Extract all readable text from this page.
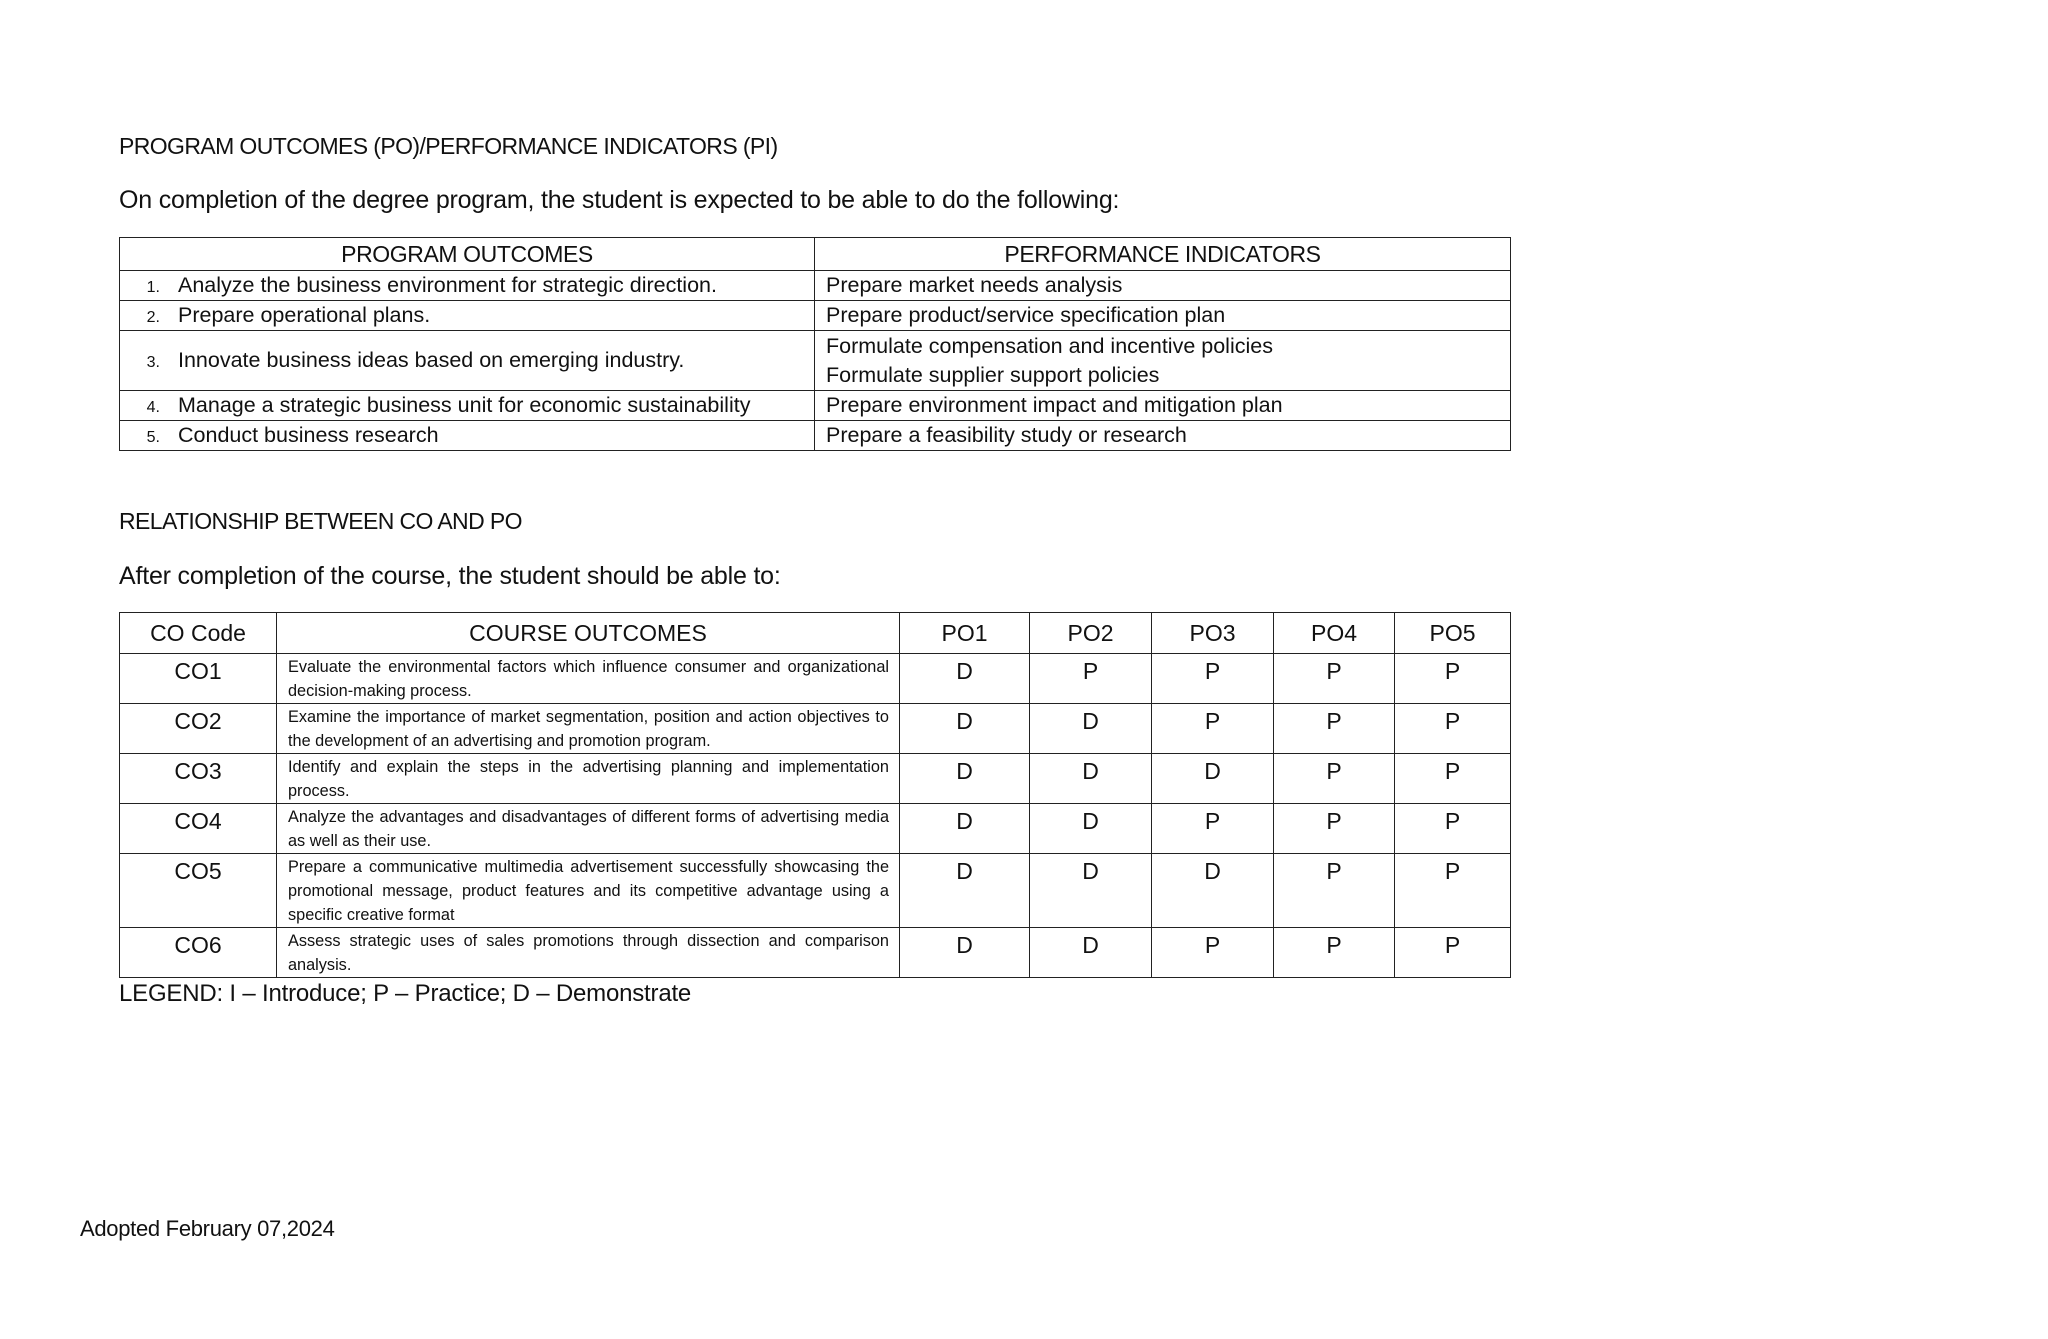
PROGRAM OUTCOMES (PO)/PERFORMANCE INDICATORS (PI)
On completion of the degree program, the student is expected to be able to do the following:
PROGRAM OUTCOMES	PERFORMANCE INDICATORS
1. Analyze the business environment for strategic direction.	Prepare market needs analysis

2. Prepare operational plans.	Prepare product/service specification plan

3. Innovate business ideas based on emerging industry.	Formulate compensation and incentive policies
Formulate supplier support policies

4. Manage a strategic business unit for economic sustainability	Prepare environment impact and mitigation plan

5. Conduct business research	Prepare a feasibility study or research
RELATIONSHIP BETWEEN CO AND PO
After completion of the course, the student should be able to:
CO Code	COURSE OUTCOMES	PO1	PO2	PO3	PO4	PO5
CO1	Evaluate the environmental factors which influence consumer and organizational decision-making process.	D	P	P	P	P
CO2	Examine the importance of market segmentation, position and action objectives to the development of an advertising and promotion program.	D	D	P	P	P
CO3	Identify and explain the steps in the advertising planning and implementation process.	D	D	D	P	P
CO4	Analyze the advantages and disadvantages of different forms of advertising media as well as their use.	D	D	P	P	P
CO5	Prepare a communicative multimedia advertisement successfully showcasing the promotional message, product features and its competitive advantage using a specific creative format	D	D	D	P	P
CO6	Assess strategic uses of sales promotions through dissection and comparison analysis.	D	D	P	P	P
LEGEND: I – Introduce; P – Practice; D – Demonstrate
Adopted February 07,2024
